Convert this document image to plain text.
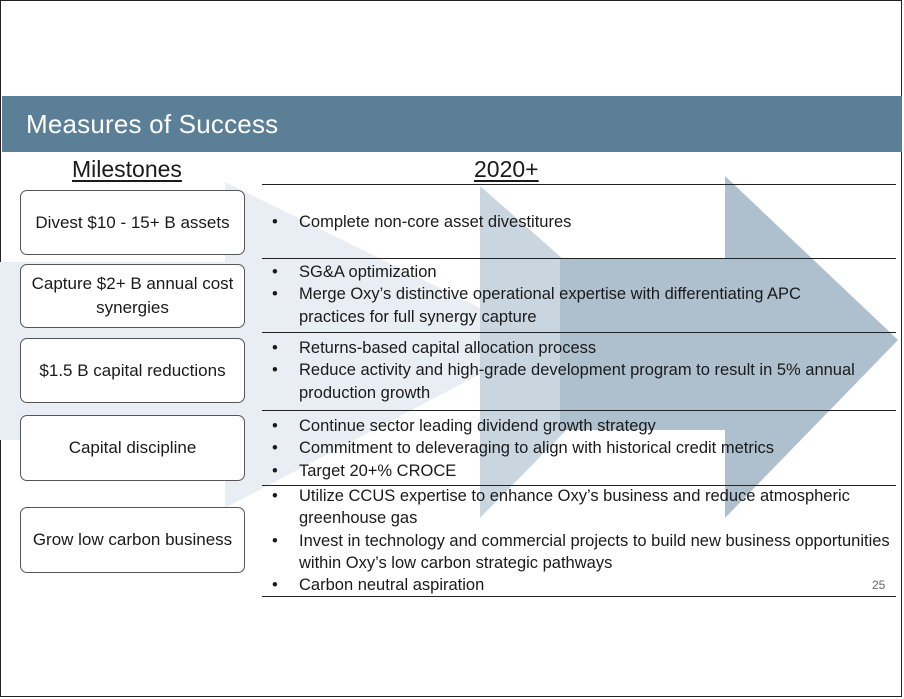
Measures of Success
Milestones	2020+
Divest $10 - 15+ B assets
Capture $2+ B annual cost synergies
$1.5 B capital reductions
Capital discipline
Grow low carbon business
• Complete non-core asset divestitures
• SG&A optimization
• Merge Oxy’s distinctive operational expertise with differentiating APC practices for full synergy capture
• Returns-based capital allocation process
• Reduce activity and high-grade development program to result in 5% annual production growth
• Continue sector leading dividend growth strategy
• Commitment to deleveraging to align with historical credit metrics
• Target 20+% CROCE
• Utilize CCUS expertise to enhance Oxy’s business and reduce atmospheric greenhouse gas
• Invest in technology and commercial projects to build new business opportunities within Oxy’s low carbon strategic pathways
• Carbon neutral aspiration	25
